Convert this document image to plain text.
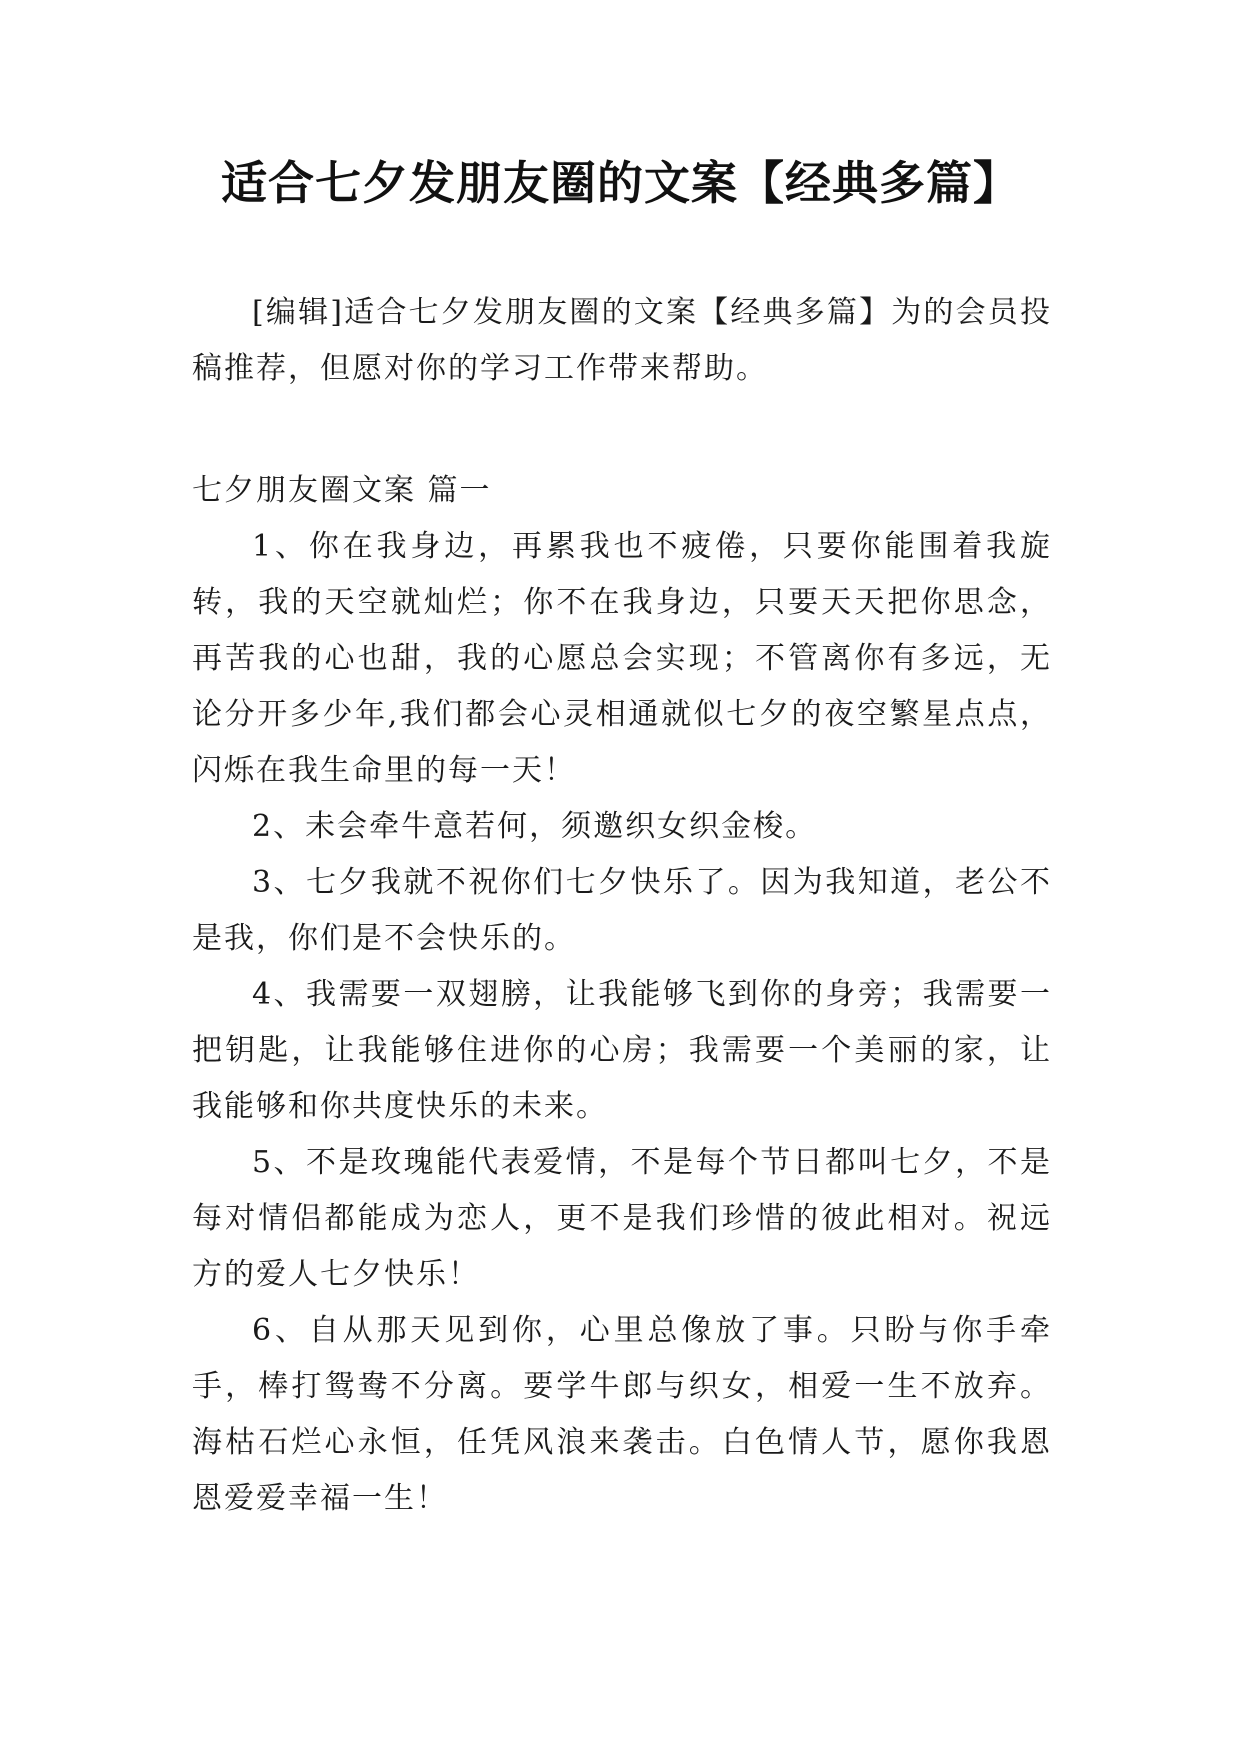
适合七夕发朋友圈的文案【经典多篇】

[编辑]适合七夕发朋友圈的文案【经典多篇】为的会员投稿推荐，但愿对你的学习工作带来帮助。

七夕朋友圈文案 篇一

1、你在我身边，再累我也不疲倦，只要你能围着我旋转，我的天空就灿烂；你不在我身边，只要天天把你思念，再苦我的心也甜，我的心愿总会实现；不管离你有多远，无论分开多少年,我们都会心灵相通就似七夕的夜空繁星点点，闪烁在我生命里的每一天！

2、未会牵牛意若何，须邀织女织金梭。

3、七夕我就不祝你们七夕快乐了。因为我知道，老公不是我，你们是不会快乐的。

4、我需要一双翅膀，让我能够飞到你的身旁；我需要一把钥匙，让我能够住进你的心房；我需要一个美丽的家，让我能够和你共度快乐的未来。

5、不是玫瑰能代表爱情，不是每个节日都叫七夕，不是每对情侣都能成为恋人，更不是我们珍惜的彼此相对。祝远方的爱人七夕快乐！

6、自从那天见到你，心里总像放了事。只盼与你手牵手，棒打鸳鸯不分离。要学牛郎与织女，相爱一生不放弃。海枯石烂心永恒，任凭风浪来袭击。白色情人节，愿你我恩恩爱爱幸福一生！
